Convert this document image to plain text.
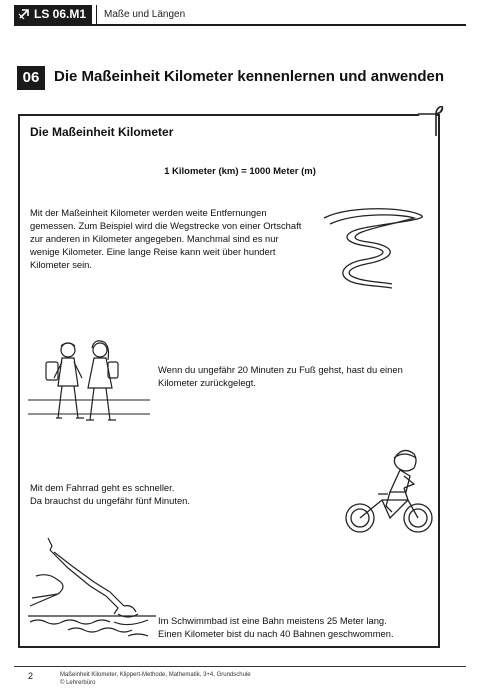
LS 06.M1	Maße und Längen
06 Die Maßeinheit Kilometer kennenlernen und anwenden
Die Maßeinheit Kilometer
1 Kilometer (km) = 1000 Meter (m)
Mit der Maßeinheit Kilometer werden weite Entfernungen
gemessen. Zum Beispiel wird die Wegstrecke von einer Ortschaft
zur anderen in Kilometer angegeben. Manchmal sind es nur
wenige Kilometer. Eine lange Reise kann weit über hundert
Kilometer sein.
Wenn du ungefähr 20 Minuten zu Fuß gehst, hast du einen
Kilometer zurückgelegt.
Mit dem Fahrrad geht es schneller.
Da brauchst du ungefähr fünf Minuten.
Im Schwimmbad ist eine Bahn meistens 25 Meter lang.
Einen Kilometer bist du nach 40 Bahnen geschwommen.
2	Maßeinheit Kilometer, Klippert-Methode, Mathematik, 3+4, Grundschule
© Lehrerbüro
